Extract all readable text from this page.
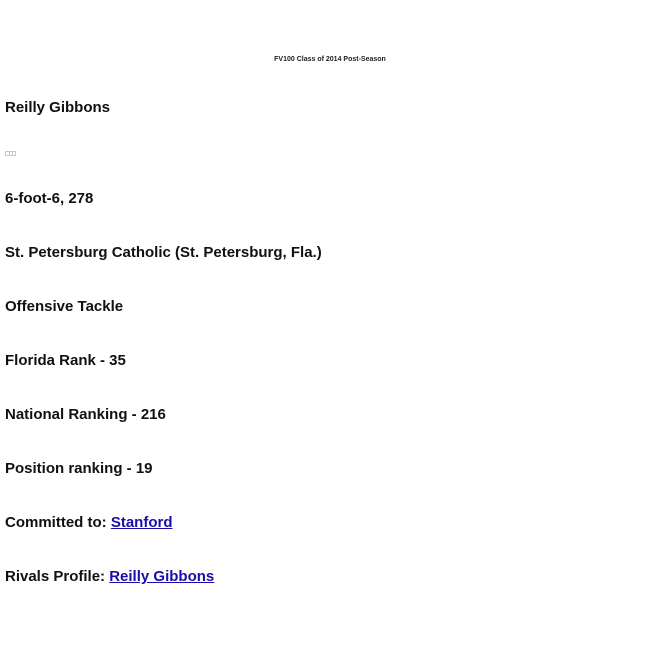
FV100 Class of 2014 Post-Season
Reilly Gibbons

6-foot-6, 278

St. Petersburg Catholic (St. Petersburg, Fla.)

Offensive Tackle

Florida Rank - 35

National Ranking - 216

Position ranking - 19

Committed to: Stanford

Rivals Profile: Reilly Gibbons
